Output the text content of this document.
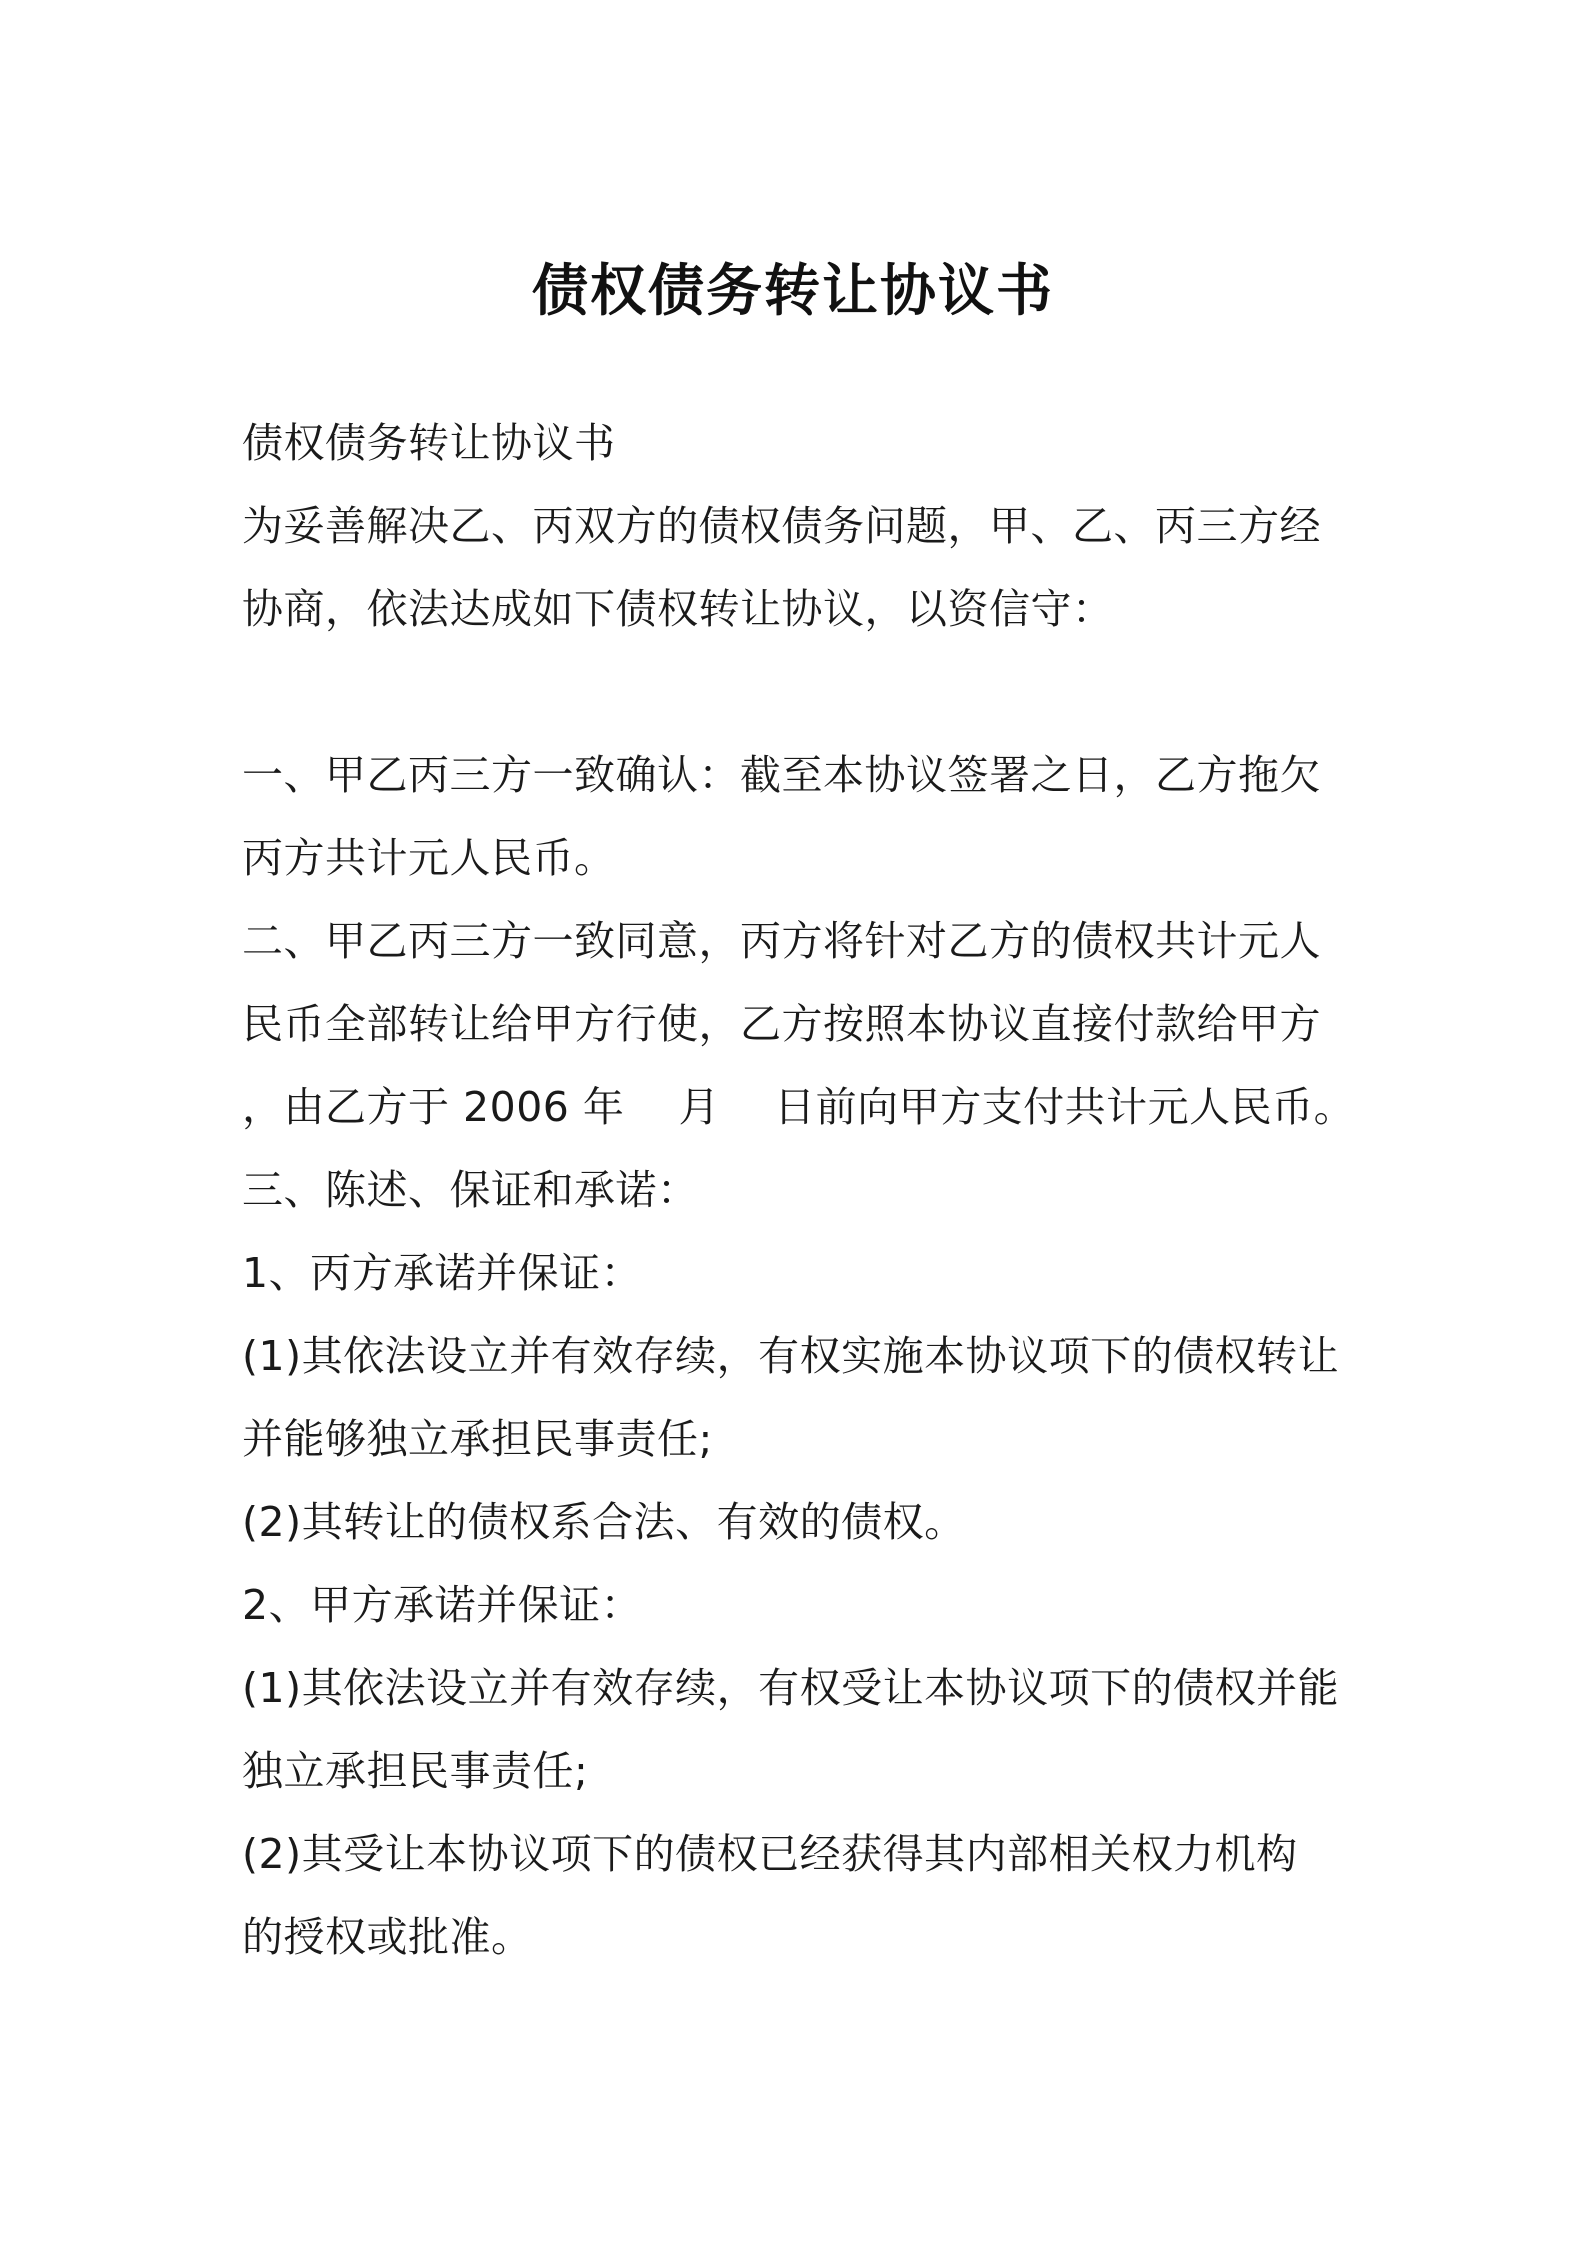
债权债务转让协议书
债权债务转让协议书
为妥善解决乙、丙双方的债权债务问题，甲、乙、丙三方经
协商，依法达成如下债权转让协议，以资信守：
一、甲乙丙三方一致确认：截至本协议签署之日，乙方拖欠
丙方共计元人民币。
二、甲乙丙三方一致同意，丙方将针对乙方的债权共计元人
民币全部转让给甲方行使，乙方按照本协议直接付款给甲方
，由乙方于 2006 年    月    日前向甲方支付共计元人民币。
三、陈述、保证和承诺：
1、丙方承诺并保证：
(1)其依法设立并有效存续，有权实施本协议项下的债权转让
并能够独立承担民事责任;
(2)其转让的债权系合法、有效的债权。
2、甲方承诺并保证：
(1)其依法设立并有效存续，有权受让本协议项下的债权并能
独立承担民事责任;
(2)其受让本协议项下的债权已经获得其内部相关权力机构
的授权或批准。
